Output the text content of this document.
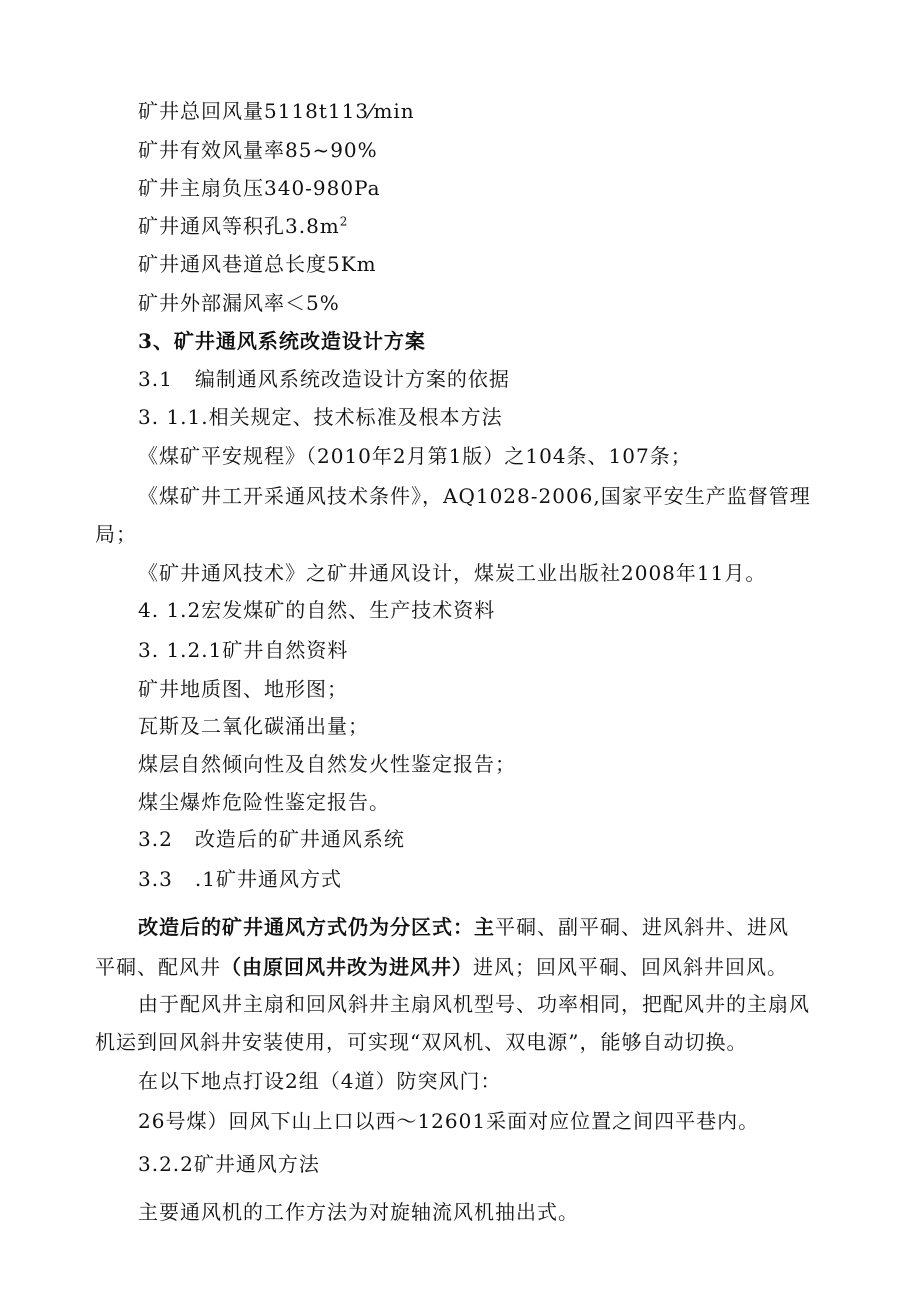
矿井总回风量5118t113⁄min
矿井有效风量率85~90%
矿井主扇负压340-980Pa
矿井通风等积孔$3.8m^2$
矿井通风巷道总长度5Km
矿井外部漏风率＜5%
3、矿井通风系统改造设计方案
3.1   编制通风系统改造设计方案的依据
3. 1.1.相关规定、技术标准及根本方法
《煤矿平安规程》（2010年2月第1版）之104条、107条；
《煤矿井工开采通风技术条件》，AQ1028-2006,国家平安生产监督管理
局；
《矿井通风技术》之矿井通风设计，煤炭工业出版社2008年11月。
4. 1.2宏发煤矿的自然、生产技术资料
3. 1.2.1矿井自然资料
矿井地质图、地形图；
瓦斯及二氧化碳涌出量；
煤层自然倾向性及自然发火性鉴定报告；
煤尘爆炸危险性鉴定报告。
3.2   改造后的矿井通风系统
3.3   .1矿井通风方式
改造后的矿井通风方式仍为分区式：主平硐、副平硐、进风斜井、进风
平硐、配风井（由原回风井改为进风井）进风；回风平硐、回风斜井回风。
由于配风井主扇和回风斜井主扇风机型号、功率相同，把配风井的主扇风
机运到回风斜井安装使用，可实现“双风机、双电源”，能够自动切换。
在以下地点打设2组（4道）防突风门：
26号煤）回风下山上口以西～12601采面对应位置之间四平巷内。
3.2.2矿井通风方法
主要通风机的工作方法为对旋轴流风机抽出式。
